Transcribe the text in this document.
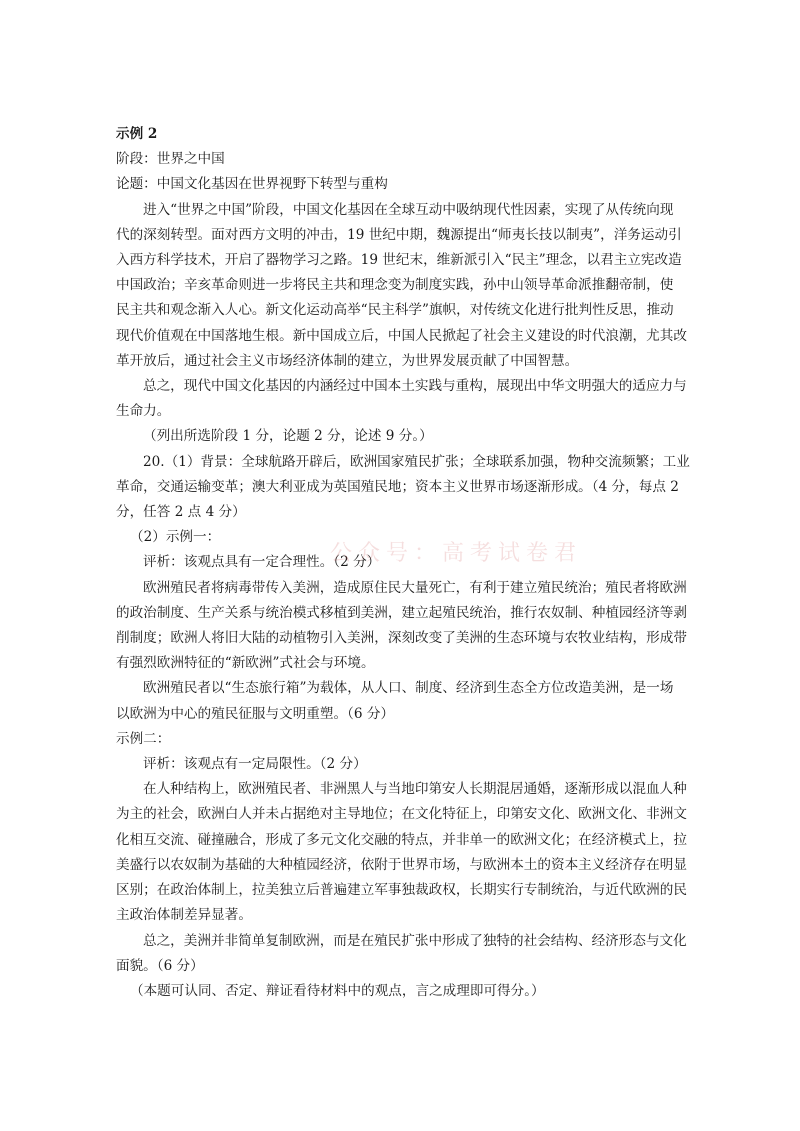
示例 2

阶段：世界之中国

论题：中国文化基因在世界视野下转型与重构

进入“世界之中国”阶段，中国文化基因在全球互动中吸纳现代性因素，实现了从传统向现

代的深刻转型。面对西方文明的冲击，19 世纪中期，魏源提出“师夷长技以制夷”，洋务运动引

入西方科学技术，开启了器物学习之路。19 世纪末，维新派引入“民主”理念，以君主立宪改造

中国政治；辛亥革命则进一步将民主共和理念变为制度实践，孙中山领导革命派推翻帝制，使

民主共和观念渐入人心。新文化运动高举“民主科学”旗帜，对传统文化进行批判性反思，推动

现代价值观在中国落地生根。新中国成立后，中国人民掀起了社会主义建设的时代浪潮，尤其改

革开放后，通过社会主义市场经济体制的建立，为世界发展贡献了中国智慧。

总之，现代中国文化基因的内涵经过中国本土实践与重构，展现出中华文明强大的适应力与

生命力。

（列出所选阶段 1 分，论题 2 分，论述 9 分。）

20.（1）背景：全球航路开辟后，欧洲国家殖民扩张；全球联系加强，物种交流频繁；工业

革命，交通运输变革；澳大利亚成为英国殖民地；资本主义世界市场逐渐形成。（4 分，每点 2

分，任答 2 点 4 分）

（2）示例一：

评析：该观点具有一定合理性。（2 分）

欧洲殖民者将病毒带传入美洲，造成原住民大量死亡，有利于建立殖民统治；殖民者将欧洲

的政治制度、生产关系与统治模式移植到美洲，建立起殖民统治，推行农奴制、种植园经济等剥

削制度；欧洲人将旧大陆的动植物引入美洲，深刻改变了美洲的生态环境与农牧业结构，形成带

有强烈欧洲特征的“新欧洲”式社会与环境。

欧洲殖民者以“生态旅行箱”为载体，从人口、制度、经济到生态全方位改造美洲，是一场

以欧洲为中心的殖民征服与文明重塑。（6 分）

示例二：

评析：该观点有一定局限性。（2 分）

在人种结构上，欧洲殖民者、非洲黑人与当地印第安人长期混居通婚，逐渐形成以混血人种

为主的社会，欧洲白人并未占据绝对主导地位；在文化特征上，印第安文化、欧洲文化、非洲文

化相互交流、碰撞融合，形成了多元文化交融的特点，并非单一的欧洲文化；在经济模式上，拉

美盛行以农奴制为基础的大种植园经济，依附于世界市场，与欧洲本土的资本主义经济存在明显

区别；在政治体制上，拉美独立后普遍建立军事独裁政权，长期实行专制统治，与近代欧洲的民

主政治体制差异显著。

总之，美洲并非简单复制欧洲，而是在殖民扩张中形成了独特的社会结构、经济形态与文化

面貌。（6 分）

（本题可认同、否定、辩证看待材料中的观点，言之成理即可得分。）

公众号：高考试卷君
